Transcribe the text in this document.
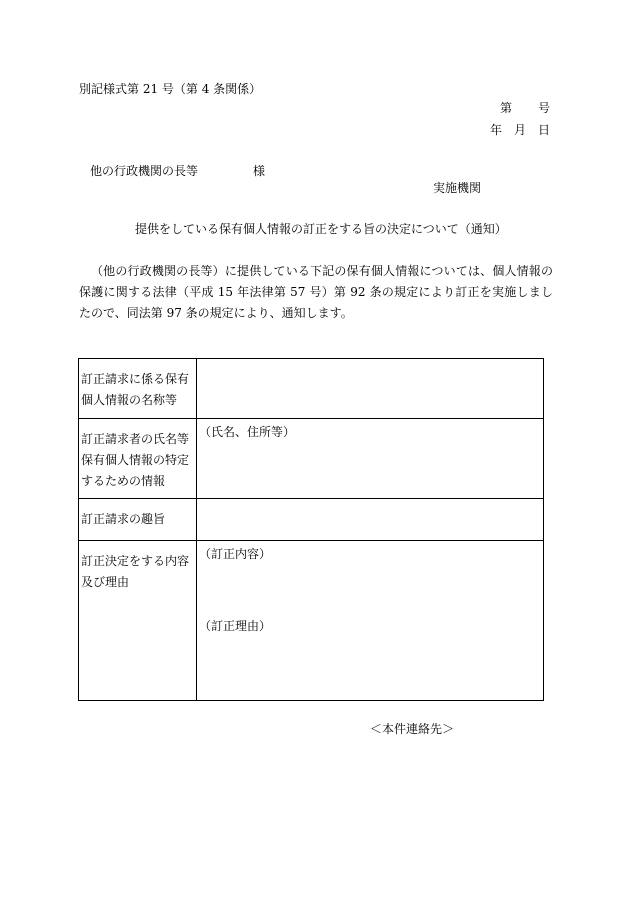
別記様式第 21 号（第 4 条関係）
第 号
年 月 日
他の行政機関の長等	様
実施機関
提供をしている保有個人情報の訂正をする旨の決定について（通知）
（他の行政機関の長等）に提供している下記の保有個人情報については、個人情報の保護に関する法律（平成 15 年法律第 57 号）第 92 条の規定により訂正を実施しましたので、同法第 97 条の規定により、通知します。
訂正請求に係る保有個人情報の名称等	
訂正請求者の氏名等保有個人情報の特定するための情報	（氏名、住所等）
訂正請求の趣旨	
訂正決定をする内容及び理由	（訂正内容）
（訂正理由）
＜本件連絡先＞
